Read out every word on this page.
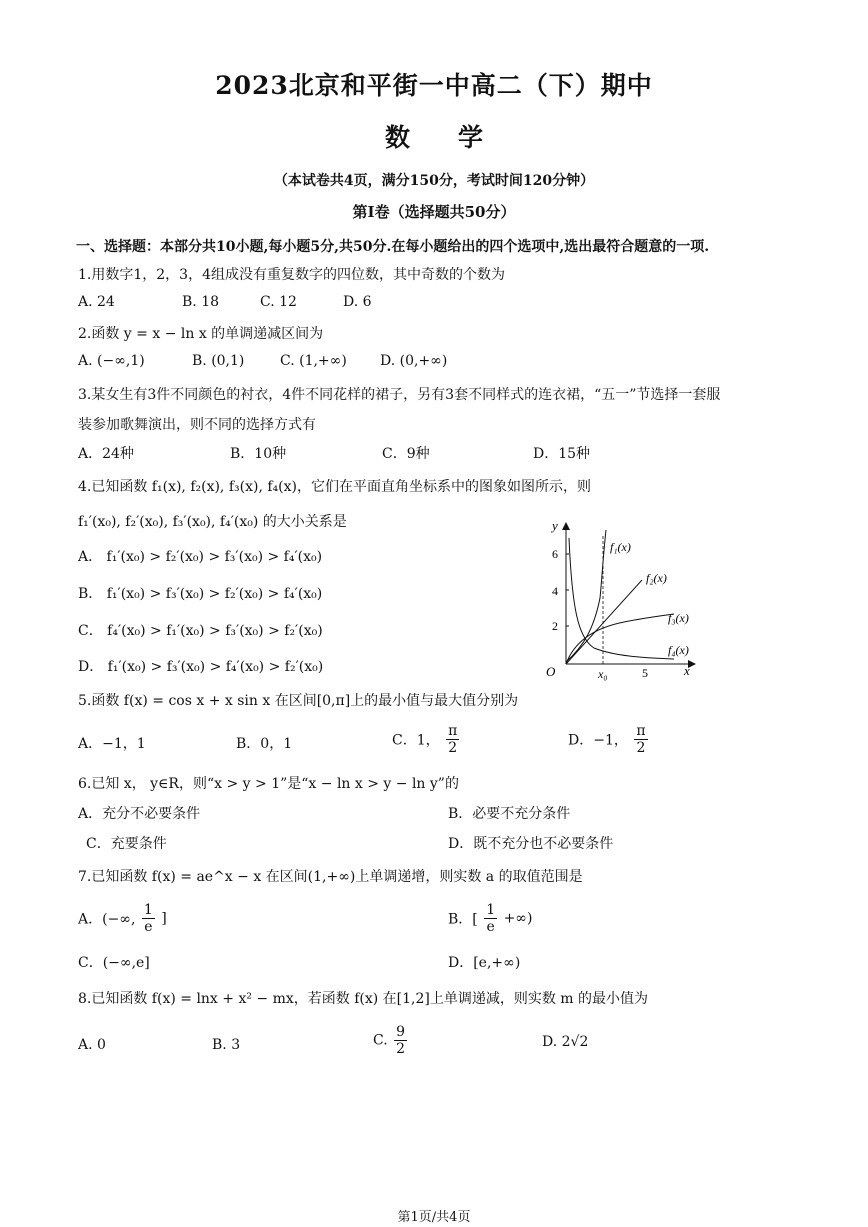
2023北京和平街一中高二（下）期中
数学
（本试卷共4页，满分150分，考试时间120分钟）
第I卷（选择题共50分）
一、选择题：本部分共10小题,每小题5分,共50分.在每小题给出的四个选项中,选出最符合题意的一项.
1.用数字1，2，3，4组成没有重复数字的四位数，其中奇数的个数为
A. 24	B. 18	C. 12	D. 6
2.函数 y = x − ln x 的单调递减区间为
A. (−∞,1)	B. (0,1)	C. (1,+∞) D. (0,+∞)
3.某女生有3件不同颜色的衬衣，4件不同花样的裙子，另有3套不同样式的连衣裙，“五一”节选择一套服
装参加歌舞演出，则不同的选择方式有
A．24种	B．10种	C．9种	D．15种
4.已知函数 f₁(x), f₂(x), f₃(x), f₄(x)，它们在平面直角坐标系中的图象如图所示，则
f₁′(x₀), f₂′(x₀), f₃′(x₀), f₄′(x₀) 的大小关系是
A． f₁′(x₀) > f₂′(x₀) > f₃′(x₀) > f₄′(x₀)
B． f₁′(x₀) > f₃′(x₀) > f₂′(x₀) > f₄′(x₀)
C． f₄′(x₀) > f₁′(x₀) > f₃′(x₀) > f₂′(x₀)
D． f₁′(x₀) > f₃′(x₀) > f₄′(x₀) > f₂′(x₀)
y
x
O
6
4
2
x₀	5
f₁(x)
f₂(x)
f₃(x)
f₄(x)
5.函数 f(x) = cos x + x sin x 在区间[0,π]上的最小值与最大值分别为
A．−1，1	B．0，1	C．1， $\frac{\pi}{2}$	D．−1， $\frac{\pi}{2}$
6.已知 x， y∈R，则“x > y > 1”是“x − ln x > y − ln y”的
A．充分不必要条件	B．必要不充分条件
C．充要条件	D．既不充分也不必要条件
7.已知函数 f(x) = ae^x − x 在区间(1,+∞)上单调递增，则实数 a 的取值范围是
A．(−∞, $\frac{1}{e}$ ]	B．[ $\frac{1}{e}$ +∞)
C．(−∞,e]	D．[e,+∞)
8.已知函数 f(x) = lnx + x² − mx，若函数 f(x) 在[1,2]上单调递减，则实数 m 的最小值为
A. 0	B. 3	C. $\frac{9}{2}$	D. 2√2
第1页/共4页
